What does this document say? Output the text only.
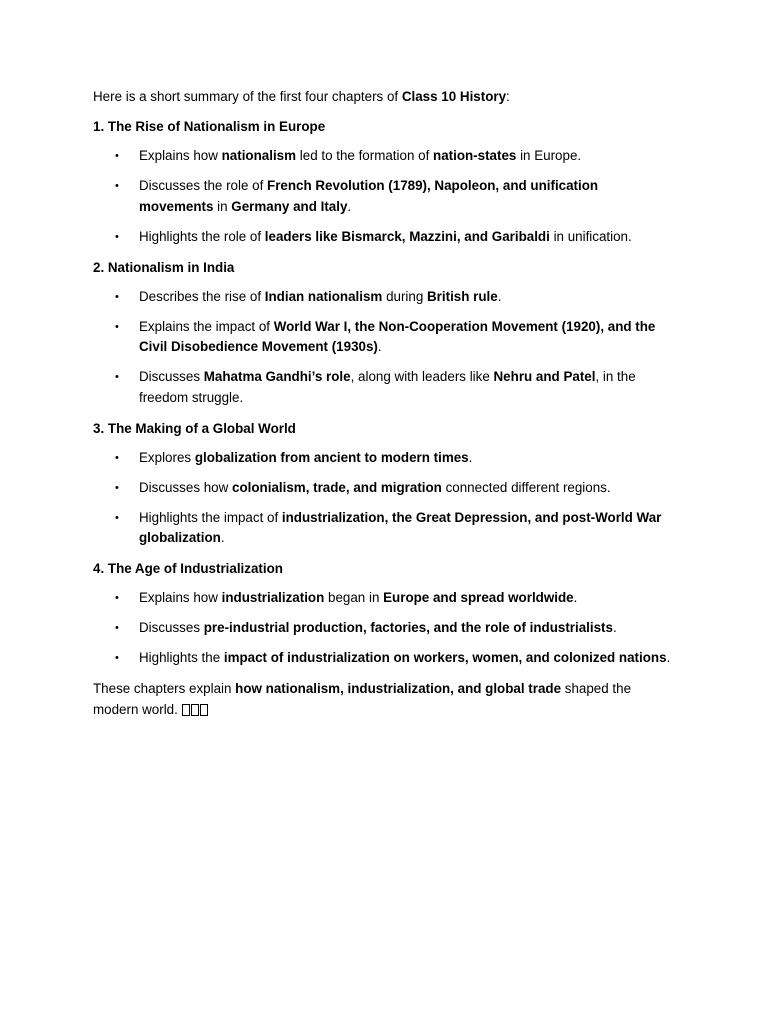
Here is a short summary of the first four chapters of Class 10 History:

1. The Rise of Nationalism in Europe
• Explains how nationalism led to the formation of nation-states in Europe.
• Discusses the role of French Revolution (1789), Napoleon, and unification movements in Germany and Italy.
• Highlights the role of leaders like Bismarck, Mazzini, and Garibaldi in unification.
2. Nationalism in India
• Describes the rise of Indian nationalism during British rule.
• Explains the impact of World War I, the Non-Cooperation Movement (1920), and the Civil Disobedience Movement (1930s).
• Discusses Mahatma Gandhi’s role, along with leaders like Nehru and Patel, in the freedom struggle.
3. The Making of a Global World
• Explores globalization from ancient to modern times.
• Discusses how colonialism, trade, and migration connected different regions.
• Highlights the impact of industrialization, the Great Depression, and post-World War globalization.
4. The Age of Industrialization
• Explains how industrialization began in Europe and spread worldwide.
• Discusses pre-industrial production, factories, and the role of industrialists.
• Highlights the impact of industrialization on workers, women, and colonized nations.

These chapters explain how nationalism, industrialization, and global trade shaped the modern world.
